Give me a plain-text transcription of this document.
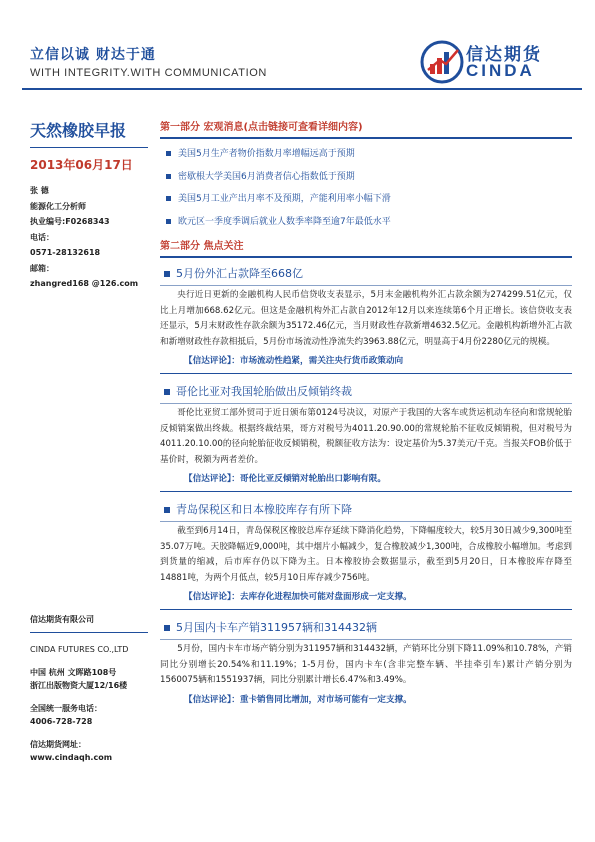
立信以诚 财达于通
WITH INTEGRITY.WITH COMMUNICATION
信达期货
CINDA
天然橡胶早报
2013年06月17日

张 德

能源化工分析师

执业编号:F0268343

电话：

0571-28132618

邮箱：

zhangred168 @126.com

信达期货有限公司

CINDA FUTURES CO.,LTD

中国 杭州 文晖路108号

浙江出版物资大厦12/16楼

全国统一服务电话：

4006-728-728

信达期货网址：

www.cindaqh.com

第一部分 宏观消息(点击链接可查看详细内容)
美国5月生产者物价指数月率增幅远高于预期
密歇根大学美国6月消费者信心指数低于预期
美国5月工业产出月率不及预期，产能利用率小幅下滑
欧元区一季度季调后就业人数季率降至逾7年最低水平
第二部分 焦点关注
5月份外汇占款降至668亿

央行近日更新的金融机构人民币信贷收支表显示，5月末金融机构外汇占款余额为274299.51亿元，仅比上月增加668.62亿元。但这是金融机构外汇占款自2012年12月以来连续第6个月正增长。该信贷收支表还显示，5月末财政性存款余额为35172.46亿元，当月财政性存款新增4632.5亿元。金融机构新增外汇占款和新增财政性存款相抵后，5月份市场流动性净流失约3963.88亿元，明显高于4月份2280亿元的规模。

【信达评论】：市场流动性趋紧，需关注央行货币政策动向
哥伦比亚对我国轮胎做出反倾销终裁

哥伦比亚贸工部外贸司于近日颁布第0124号决议，对原产于我国的大客车或货运机动车径向和常规轮胎反倾销案做出终裁。根据终裁结果，哥方对税号为4011.20.90.00的常规轮胎不征收反倾销税，但对税号为4011.20.10.00的径向轮胎征收反倾销税，税额征收方法为：设定基价为5.37美元/千克。当报关FOB价低于基价时，税额为两者差价。

【信达评论】：哥伦比亚反倾销对轮胎出口影响有限。
青岛保税区和日本橡胶库存有所下降

截至到6月14日，青岛保税区橡胶总库存延续下降消化趋势，下降幅度较大，较5月30日减少9,300吨至35.07万吨。天胶降幅近9,000吨，其中烟片小幅减少，复合橡胶减少1,300吨，合成橡胶小幅增加。考虑到到货量的缩减，后市库存仍以下降为主。日本橡胶协会数据显示，截至到5月20日，日本橡胶库存降至14881吨，为两个月低点，较5月10日库存减少756吨。

【信达评论】：去库存化进程加快可能对盘面形成一定支撑。
5月国内卡车产销311957辆和314432辆

5月份，国内卡车市场产销分别为311957辆和314432辆，产销环比分别下降11.09%和10.78%，产销同比分别增长20.54%和11.19%；1-5月份，国内卡车(含非完整车辆、半挂牵引车)累计产销分别为1560075辆和1551937辆，同比分别累计增长6.47%和3.49%。

【信达评论】：重卡销售同比增加，对市场可能有一定支撑。
